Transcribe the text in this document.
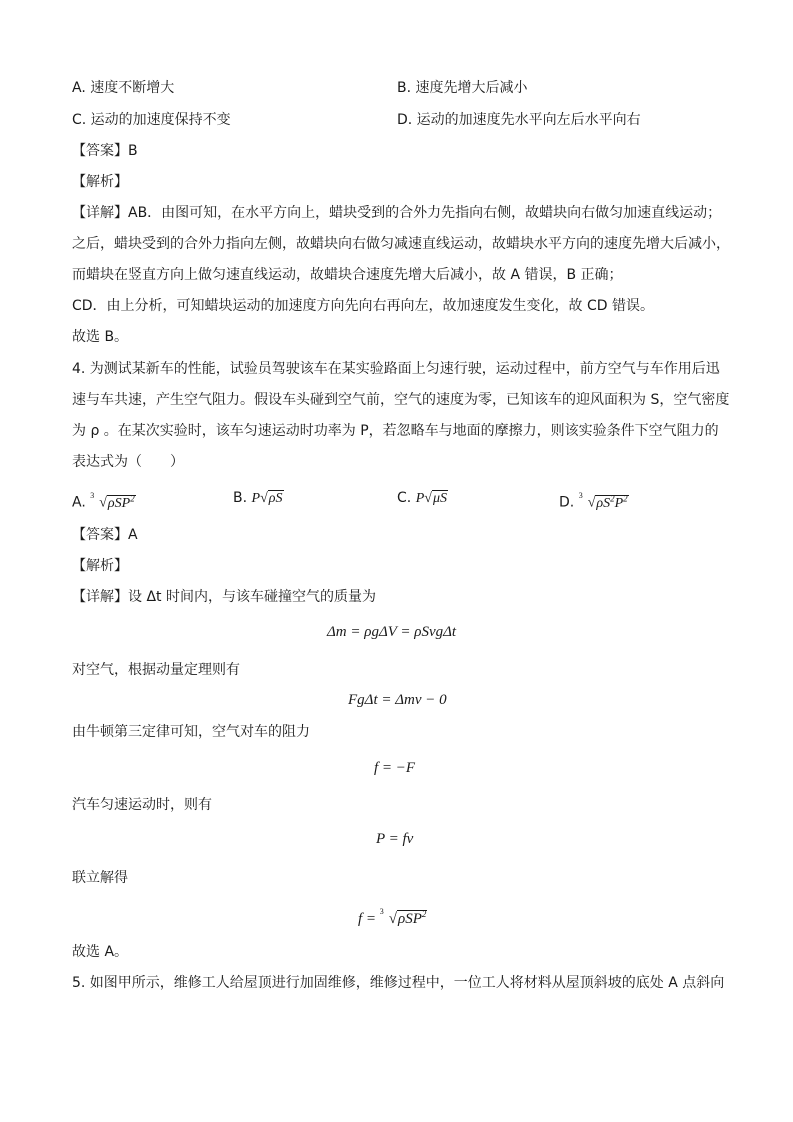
A. 速度不断增大	B. 速度先增大后减小
C. 运动的加速度保持不变	D. 运动的加速度先水平向左后水平向右
【答案】B
【解析】
【详解】AB．由图可知，在水平方向上，蜡块受到的合外力先指向右侧，故蜡块向右做匀加速直线运动；
之后，蜡块受到的合外力指向左侧，故蜡块向右做匀减速直线运动，故蜡块水平方向的速度先增大后减小，
而蜡块在竖直方向上做匀速直线运动，故蜡块合速度先增大后减小，故 A 错误，B 正确；
CD．由上分析，可知蜡块运动的加速度方向先向右再向左，故加速度发生变化，故 CD 错误。
故选 B。
4. 为测试某新车的性能，试验员驾驶该车在某实验路面上匀速行驶，运动过程中，前方空气与车作用后迅
速与车共速，产生空气阻力。假设车头碰到空气前，空气的速度为零，已知该车的迎风面积为 S，空气密度
为 ρ 。在某次实验时，该车匀速运动时功率为 P，若忽略车与地面的摩擦力，则该实验条件下空气阻力的
表达式为（　　）
A. 3
√ρSP$^2$	B. P√ρS	C. P√μS	D. 3
$√\rho S^2P^2$
【答案】A
【解析】
【详解】设 Δt 时间内，与该车碰撞空气的质量为
Δm = ρgΔV = ρSvgΔt
对空气，根据动量定理则有
FgΔt = Δmv − 0
由牛顿第三定律可知，空气对车的阻力
f = −F
汽车匀速运动时，则有
P = fv
联立解得
f = 3 √ρSP$^2$
故选 A。
5. 如图甲所示，维修工人给屋顶进行加固维修，维修过程中，一位工人将材料从屋顶斜坡的底处 A 点斜向
